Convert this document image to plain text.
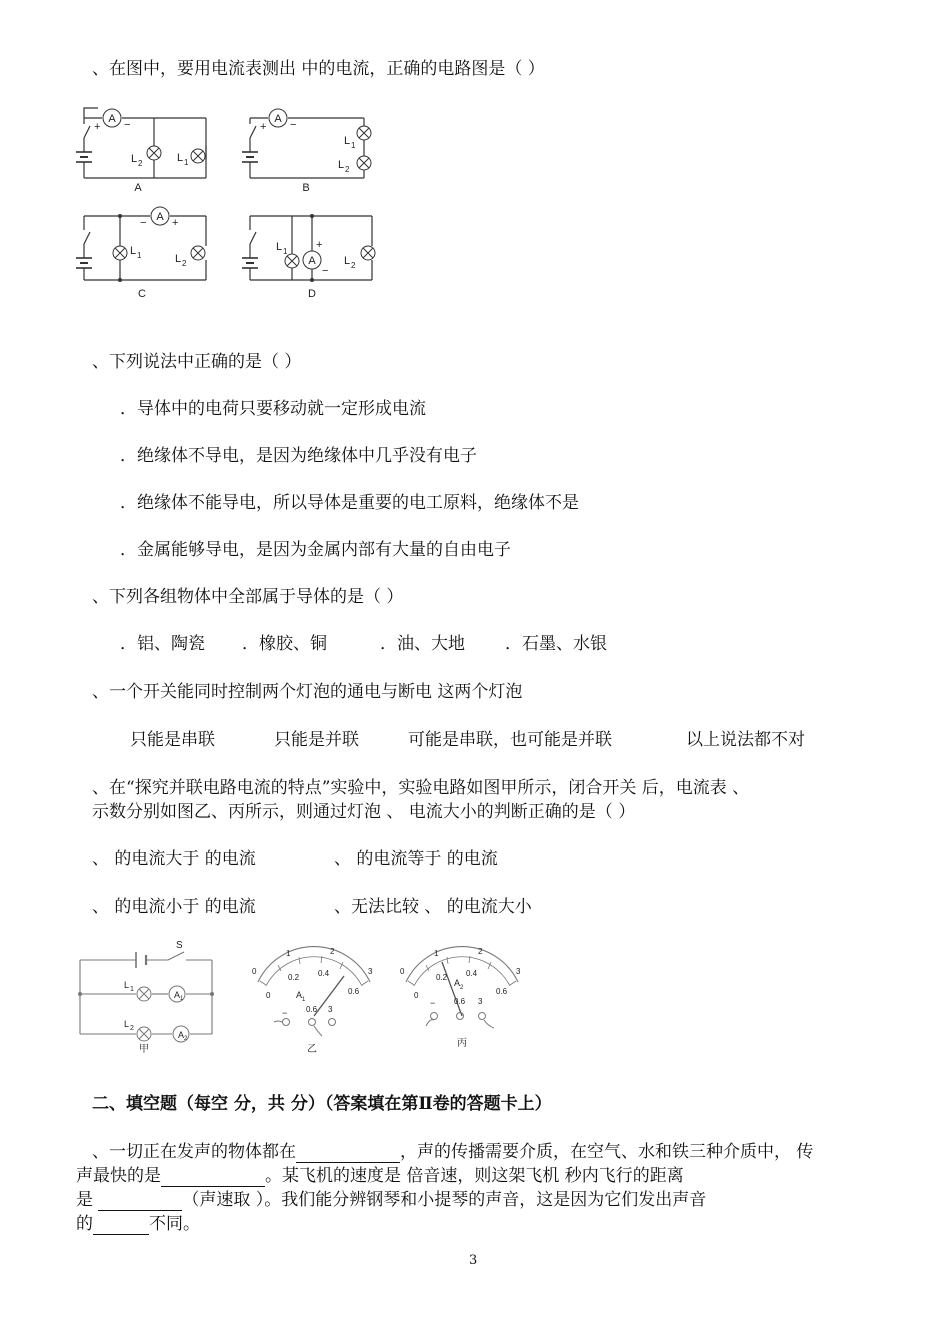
、在图中，要用电流表测出 中的电流，正确的电路图是（ ）
A
+ −
L 2	L 1
A
A
+ −
L 1
L 2
B
A
− +
L 1	L 2
C
A
+
−
L 1
L 2
D
、下列说法中正确的是（ ）
．导体中的电荷只要移动就一定形成电流
．绝缘体不导电，是因为绝缘体中几乎没有电子
．绝缘体不能导电，所以导体是重要的电工原料，绝缘体不是
．金属能够导电，是因为金属内部有大量的自由电子
、下列各组物体中全部属于导体的是（ ）
．铝、陶瓷 ．橡胶、铜	．油、大地 ．石墨、水银
、一个开关能同时控制两个灯泡的通电与断电 这两个灯泡
只能是串联	只能是并联	可能是串联，也可能是并联	以上说法都不对
、在“探究并联电路电流的特点”实验中，实验电路如图甲所示，闭合开关 后，电流表 、
示数分别如图乙、丙所示，则通过灯泡 、 电流大小的判断正确的是（ ）
、 的电流大于 的电流	、 的电流等于 的电流
、 的电流小于 的电流	、无法比较 、 的电流大小
S
L 1
L 2
A 1
A 2
甲
0
1	2
3
0
0.2 0.4
0.6
A 1
− 0.6 3
乙
0
1	2
3
0
0.2 0.4
0.6
A 2
− 0.6 3
丙
二、填空题（每空 分，共 分）（答案填在第Ⅱ卷的答题卡上）
、一切正在发声的物体都在	，声的传播需要介质，在空气、水和铁三种介质中， 传
声最快的是	。某飞机的速度是 倍音速，则这架飞机 秒内飞行的距离
是	（声速取 ）。我们能分辨钢琴和小提琴的声音，这是因为它们发出声音
的	不同。
3
